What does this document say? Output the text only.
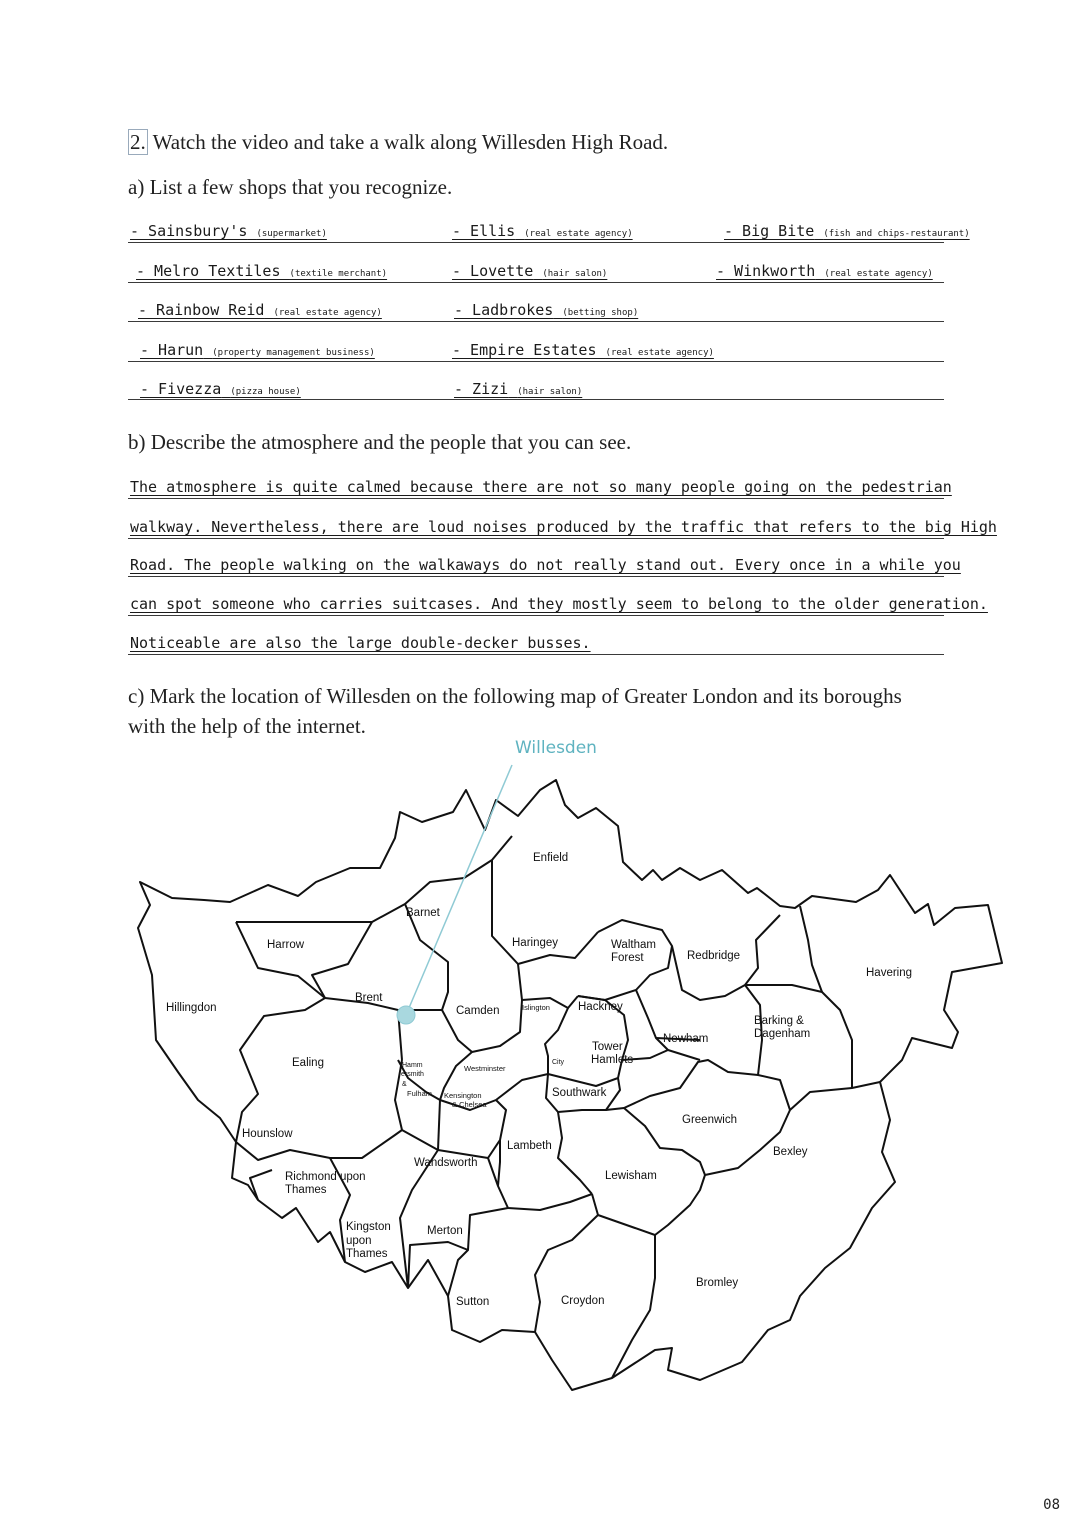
2. Watch the video and take a walk along Willesden High Road.
a) List a few shops that you recognize.
- Sainsbury's (supermarket)	- Ellis (real estate agency)	- Big Bite (fish and chips-restaurant)
- Melro Textiles (textile merchant)	- Lovette (hair salon)	- Winkworth (real estate agency)
- Rainbow Reid (real estate agency)	- Ladbrokes (betting shop)
- Harun (property management business)	- Empire Estates (real estate agency)
- Fivezza (pizza house)	- Zizi (hair salon)
b) Describe the atmosphere and the people that you can see.
The atmosphere is quite calmed because there are not so many people going on the pedestrian
walkway. Nevertheless, there are loud noises produced by the traffic that refers to the big High
Road. The people walking on the walkaways do not really stand out. Every once in a while you
can spot someone who carries suitcases. And they mostly seem to belong to the older generation.
Noticeable are also the large double-decker busses.
c) Mark the location of Willesden on the following map of Greater London and its boroughs
with the help of the internet.
Willesden
Enfield
Barnet
Harrow	Haringey	Waltham
Forest	Redbridge
Havering
Hillingdon
Brent
Camden	Islington Hackney
Barking &
Dagenham
Newham
Tower
Hamlets
Ealing	Hamm
ersmith
&
Fulham
Westminster
City
Kensington
& Chelsea
Southwark
Greenwich
Hounslow
Lambeth	Bexley
Wandsworth
Richmond upon
Thames
Lewisham
Kingston
upon
Thames
Merton
Bromley
Sutton	Croydon
08
